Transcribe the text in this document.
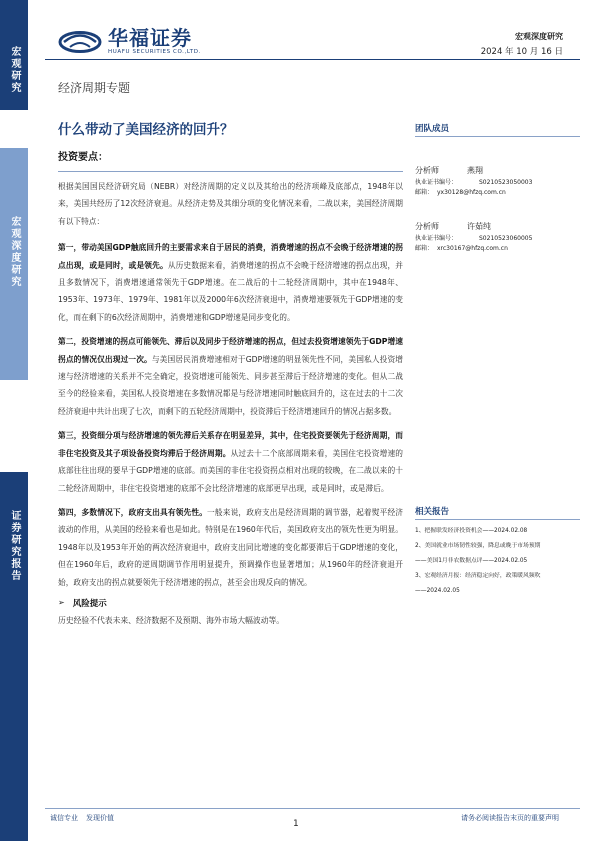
宏观研究
宏观深度研究
证券研究报告
华福证券
HUAFU SECURITIES CO.,LTD.
宏观深度研究
2024 年 10 月 16 日
经济周期专题
什么带动了美国经济的回升？
投资要点：

根据美国国民经济研究局（NEBR）对经济周期的定义以及其给出的经济项峰及底部点，1948年以来，美国共经历了12次经济衰退。从经济走势及其细分项的变化情况来看，二战以来，美国经济周期有以下特点：

第一，带动美国GDP触底回升的主要需求来自于居民的消费，消费增速的拐点不会晚于经济增速的拐点出现，或是同时，或是领先。从历史数据来看，消费增速的拐点不会晚于经济增速的拐点出现，并且多数情况下，消费增速通常领先于GDP增速。在二战后的十二轮经济周期中，其中在1948年、1953年、1973年、1979年、1981年以及2000年6次经济衰退中，消费增速要领先于GDP增速的变化，而在剩下的6次经济周期中，消费增速和GDP增速是同步变化的。

第二，投资增速的拐点可能领先、滞后以及同步于经济增速的拐点，但过去投资增速领先于GDP增速拐点的情况仅出现过一次。与美国居民消费增速相对于GDP增速的明显领先性不同，美国私人投资增速与经济增速的关系并不完全确定，投资增速可能领先、同步甚至滞后于经济增速的变化。但从二战至今的经验来看，美国私人投资增速在多数情况都是与经济增速同时触底回升的，这在过去的十二次经济衰退中共计出现了七次，而剩下的五轮经济周期中，投资滞后于经济增速回升的情况占据多数。

第三，投资细分项与经济增速的领先滞后关系存在明显差异，其中，住宅投资要领先于经济周期，而非住宅投资及其子项设备投资均滞后于经济周期。从过去十二个底部周期来看，美国住宅投资增速的底部往往出现的要早于GDP增速的底部。而美国的非住宅投资拐点相对出现的较晚，在二战以来的十二轮经济周期中，非住宅投资增速的底部不会比经济增速的底部更早出现，或是同时，或是滞后。

第四，多数情况下，政府支出具有领先性。一般来说，政府支出是经济周期的调节器，起着熨平经济波动的作用，从美国的经验来看也是如此。特别是在1960年代后，美国政府支出的领先性更为明显。1948年以及1953年开始的两次经济衰退中，政府支出同比增速的变化都要滞后于GDP增速的变化，但在1960年后，政府的逆周期调节作用明显提升，预调操作也显著增加；从1960年的经济衰退开始，政府支出的拐点就要领先于经济增速的拐点，甚至会出现反向的情况。

➢ 风险提示

历史经验不代表未来、经济数据不及预期、海外市场大幅波动等。

团队成员
分析师	燕翔
执业证书编号：	S0210523050003
邮箱： yx30128@hfzq.com.cn
分析师	许茹纯
执业证书编号：	S0210523060005
邮箱： xrc30167@hfzq.com.cn
相关报告
1、把握联发经济投资机会——2024.02.08
2、美国就业市场韧性较强，降息或晚于市场预期
——美国1月非农数据点评——2024.02.05
3、宏观经济月报：经济稳定向好，政策暖风频吹
——2024.02.05
诚信专业 发现价值
1
请务必阅读报告末页的重要声明
